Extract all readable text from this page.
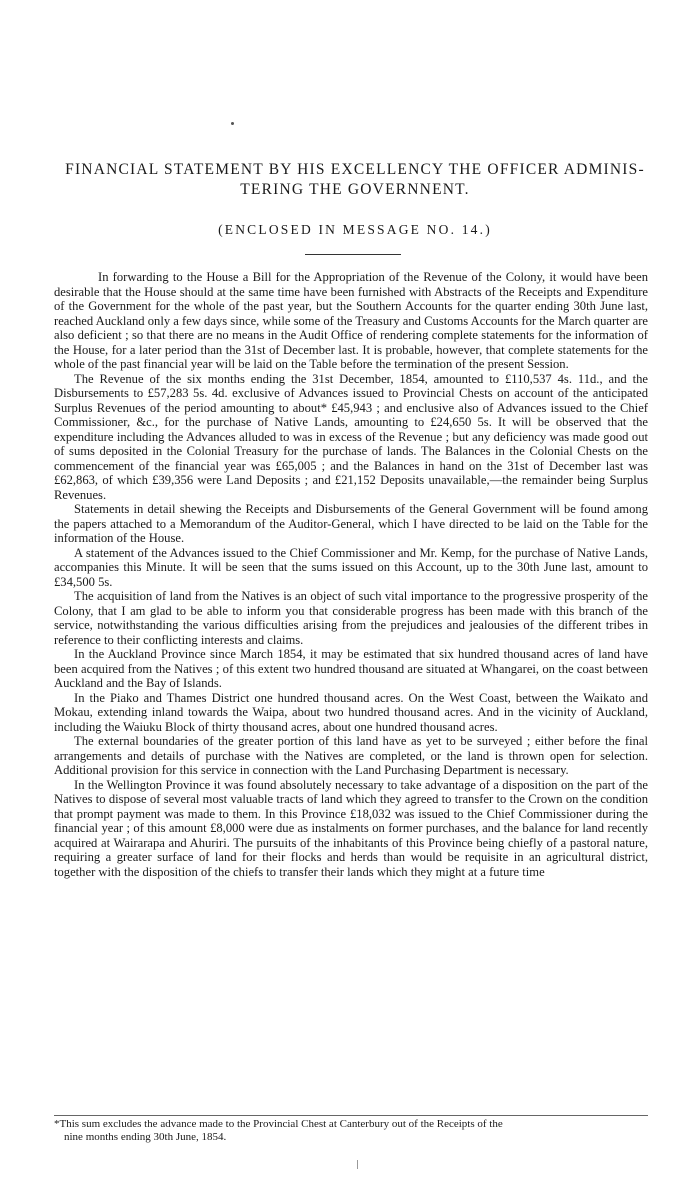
FINANCIAL STATEMENT BY HIS EXCELLENCY THE OFFICER ADMINIS-
TERING THE GOVERNNENT.
(ENCLOSED IN MESSAGE NO. 14.)

In forwarding to the House a Bill for the Appropriation of the Revenue of the Colony, it would have been desirable that the House should at the same time have been furnished with Abstracts of the Receipts and Expenditure of the Government for the whole of the past year, but the Southern Accounts for the quarter ending 30th June last, reached Auckland only a few days since, while some of the Treasury and Customs Accounts for the March quarter are also deficient ; so that there are no means in the Audit Office of rendering complete statements for the information of the House, for a later period than the 31st of December last. It is probable, however, that complete statements for the whole of the past financial year will be laid on the Table before the termination of the present Session.

The Revenue of the six months ending the 31st December, 1854, amounted to £110,537 4s. 11d., and the Disbursements to £57,283 5s. 4d. exclusive of Advances issued to Provincial Chests on account of the anticipated Surplus Revenues of the period amounting to about* £45,943 ; and enclusive also of Advances issued to the Chief Commissioner, &c., for the purchase of Native Lands, amounting to £24,650 5s. It will be observed that the expenditure including the Advances alluded to was in excess of the Revenue ; but any deficiency was made good out of sums deposited in the Colonial Treasury for the purchase of lands. The Balances in the Colonial Chests on the commencement of the financial year was £65,005 ; and the Balances in hand on the 31st of December last was £62,863, of which £39,356 were Land Deposits ; and £21,152 Deposits unavailable,—the remainder being Surplus Revenues.

Statements in detail shewing the Receipts and Disbursements of the General Government will be found among the papers attached to a Memorandum of the Auditor-General, which I have directed to be laid on the Table for the information of the House.

A statement of the Advances issued to the Chief Commissioner and Mr. Kemp, for the purchase of Native Lands, accompanies this Minute. It will be seen that the sums issued on this Account, up to the 30th June last, amount to £34,500 5s.

The acquisition of land from the Natives is an object of such vital importance to the progressive prosperity of the Colony, that I am glad to be able to inform you that considerable progress has been made with this branch of the service, notwithstanding the various difficulties arising from the prejudices and jealousies of the different tribes in reference to their conflicting interests and claims.

In the Auckland Province since March 1854, it may be estimated that six hundred thousand acres of land have been acquired from the Natives ; of this extent two hundred thousand are situated at Whangarei, on the coast between Auckland and the Bay of Islands.

In the Piako and Thames District one hundred thousand acres. On the West Coast, between the Waikato and Mokau, extending inland towards the Waipa, about two hundred thousand acres. And in the vicinity of Auckland, including the Waiuku Block of thirty thousand acres, about one hundred thousand acres.

The external boundaries of the greater portion of this land have as yet to be surveyed ; either before the final arrangements and details of purchase with the Natives are completed, or the land is thrown open for selection. Additional provision for this service in connection with the Land Purchasing Department is necessary.

In the Wellington Province it was found absolutely necessary to take advantage of a disposition on the part of the Natives to dispose of several most valuable tracts of land which they agreed to transfer to the Crown on the condition that prompt payment was made to them. In this Province £18,032 was issued to the Chief Commissioner during the financial year ; of this amount £8,000 were due as instalments on former purchases, and the balance for land recently acquired at Wairarapa and Ahuriri. The pursuits of the inhabitants of this Province being chiefly of a pastoral nature, requiring a greater surface of land for their flocks and herds than would be requisite in an agricultural district, together with the disposition of the chiefs to transfer their lands which they might at a future time

*This sum excludes the advance made to the Provincial Chest at Canterbury out of the Receipts of the
nine months ending 30th June, 1854.
